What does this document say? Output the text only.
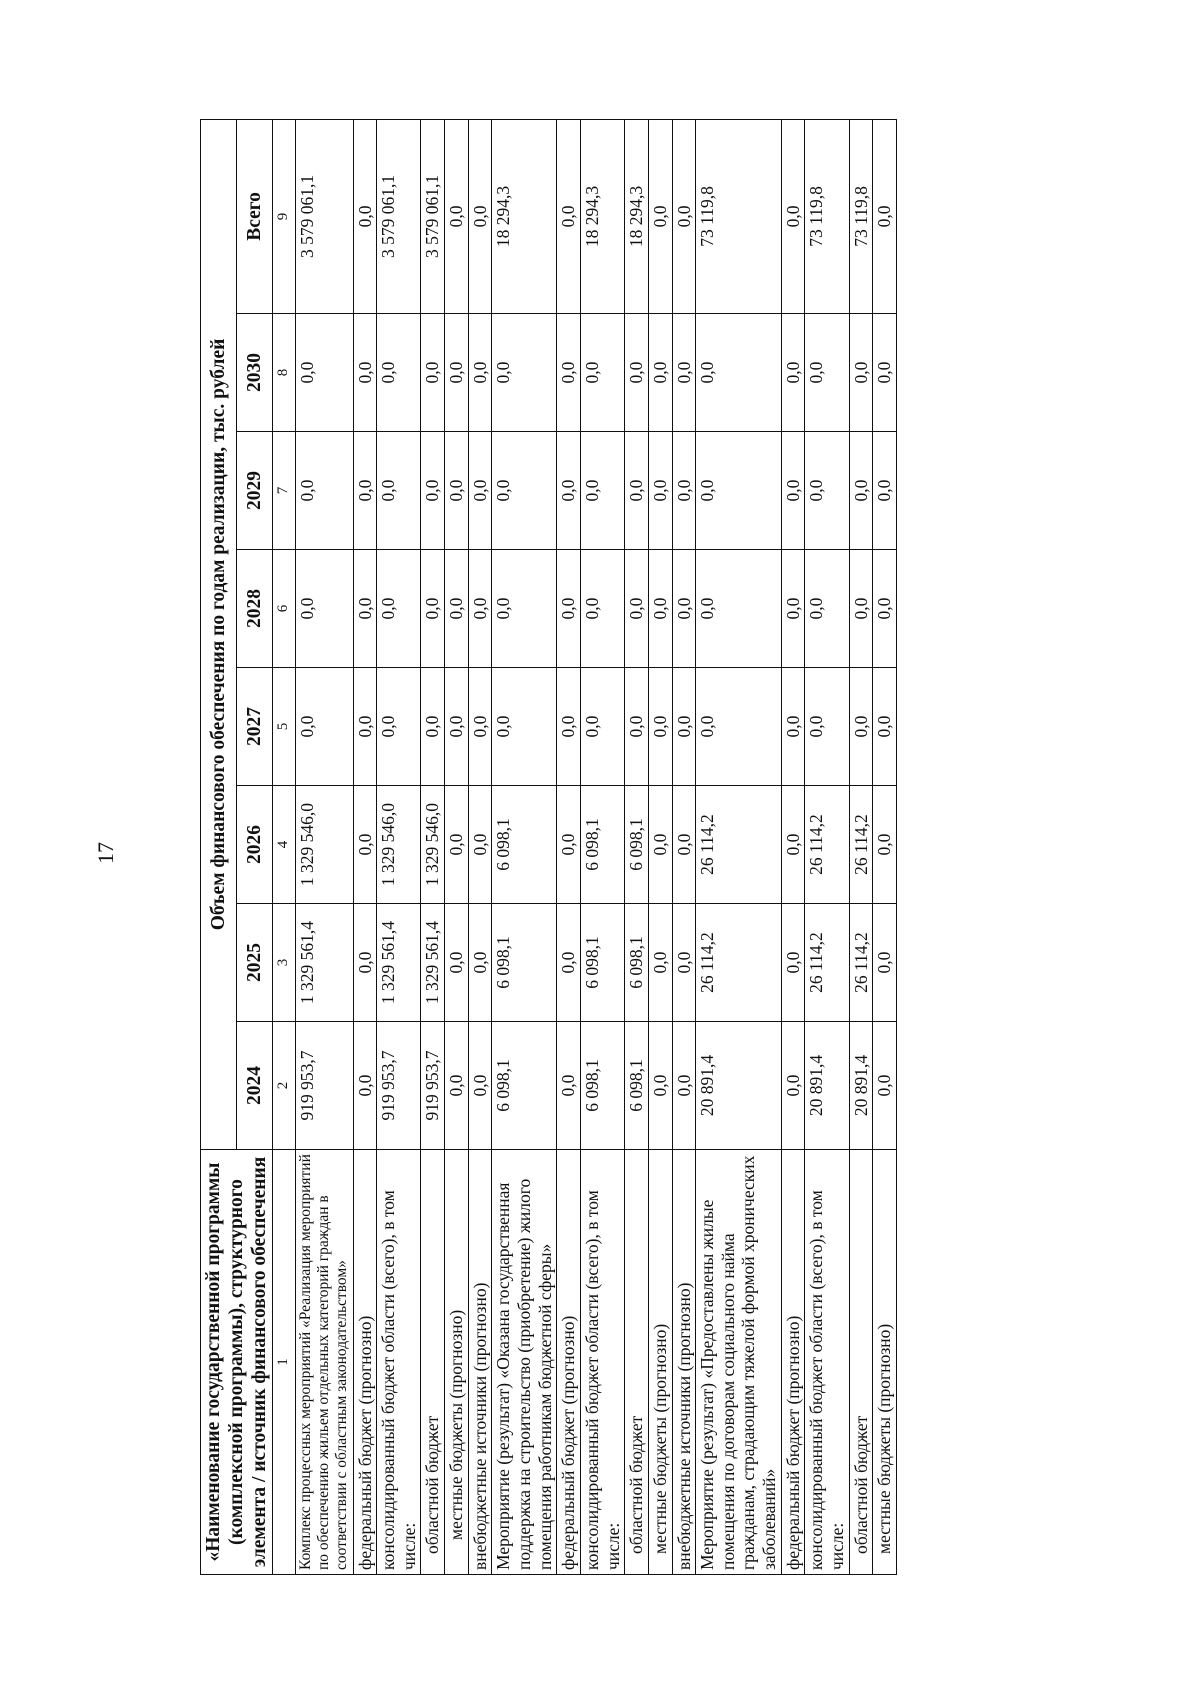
17
«Наименование государственной программы (комплексной программы), структурного элемента / источник финансового обеспечения	Объем финансового обеспечения по годам реализации, тыс. рублей							
	2024	2025	2026	2027	2028	2029	2030	Всего
1	2	3	4	5	6	7	8	9
Комплекс процессных мероприятий «Реализация мероприятий по обеспечению жильем отдельных категорий граждан в соответствии с областным законодательством»	919 953,7	1 329 561,4	1 329 546,0	0,0	0,0	0,0	0,0	3 579 061,1
федеральный бюджет (прогнозно)	0,0	0,0	0,0	0,0	0,0	0,0	0,0	0,0
консолидированный бюджет области (всего), в том числе:	919 953,7	1 329 561,4	1 329 546,0	0,0	0,0	0,0	0,0	3 579 061,1
областной бюджет	919 953,7	1 329 561,4	1 329 546,0	0,0	0,0	0,0	0,0	3 579 061,1
местные бюджеты (прогнозно)	0,0	0,0	0,0	0,0	0,0	0,0	0,0	0,0
внебюджетные источники (прогнозно)	0,0	0,0	0,0	0,0	0,0	0,0	0,0	0,0
Мероприятие (результат) «Оказана государственная поддержка на строительство (приобретение) жилого помещения работникам бюджетной сферы»	6 098,1	6 098,1	6 098,1	0,0	0,0	0,0	0,0	18 294,3
федеральный бюджет (прогнозно)	0,0	0,0	0,0	0,0	0,0	0,0	0,0	0,0
консолидированный бюджет области (всего), в том числе:	6 098,1	6 098,1	6 098,1	0,0	0,0	0,0	0,0	18 294,3
областной бюджет	6 098,1	6 098,1	6 098,1	0,0	0,0	0,0	0,0	18 294,3
местные бюджеты (прогнозно)	0,0	0,0	0,0	0,0	0,0	0,0	0,0	0,0
внебюджетные источники (прогнозно)	0,0	0,0	0,0	0,0	0,0	0,0	0,0	0,0
Мероприятие (результат) «Предоставлены жилые помещения по договорам социального найма гражданам, страдающим тяжелой формой хронических заболеваний»	20 891,4	26 114,2	26 114,2	0,0	0,0	0,0	0,0	73 119,8
федеральный бюджет (прогнозно)	0,0	0,0	0,0	0,0	0,0	0,0	0,0	0,0
консолидированный бюджет области (всего), в том числе:	20 891,4	26 114,2	26 114,2	0,0	0,0	0,0	0,0	73 119,8
областной бюджет	20 891,4	26 114,2	26 114,2	0,0	0,0	0,0	0,0	73 119,8
местные бюджеты (прогнозно)	0,0	0,0	0,0	0,0	0,0	0,0	0,0	0,0
